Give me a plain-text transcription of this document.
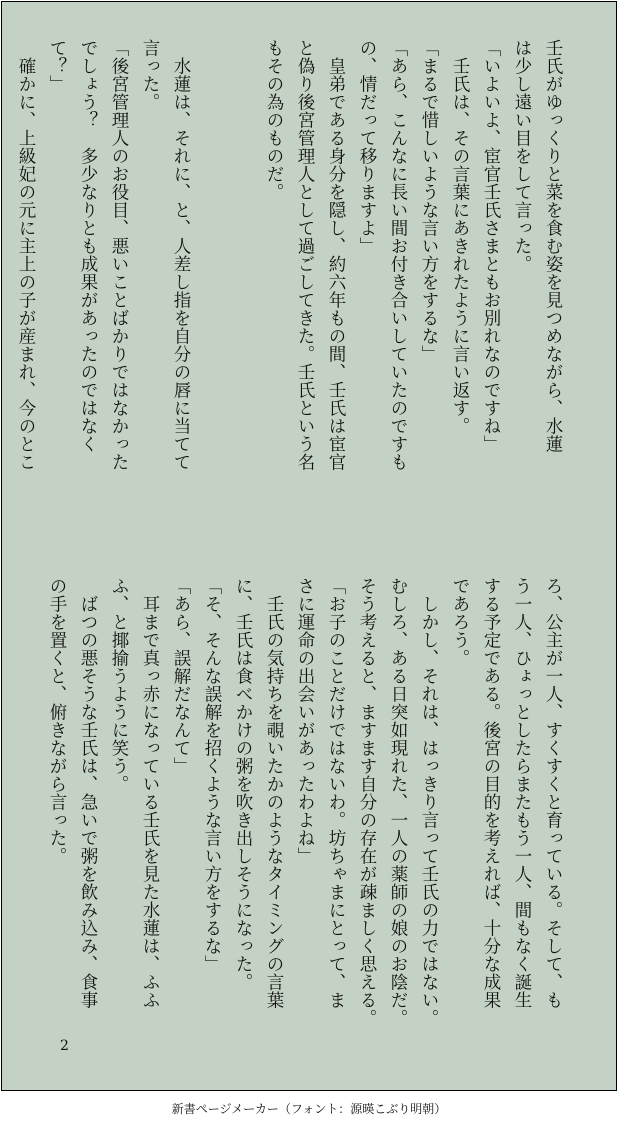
壬氏がゆっくりと菜を食む姿を見つめながら、水蓮
は少し遠い目をして言った。
「いよいよ、宦官壬氏さまともお別れなのですね」
　壬氏は、その言葉にあきれたように言い返す。
「まるで惜しいような言い方をするな」
「あら、こんなに長い間お付き合いしていたのですも
の、情だって移りますよ」
　皇弟である身分を隠し、約六年もの間、壬氏は宦官
と偽り後宮管理人として過ごしてきた。壬氏という名
もその為のものだ。

　水蓮は、それに、と、人差し指を自分の唇に当てて
言った。
「後宮管理人のお役目、悪いことばかりではなかった
でしょう？　多少なりとも成果があったのではなく
て？」
　確かに、上級妃の元に主上の子が産まれ、今のとこ
ろ、公主が一人、すくすくと育っている。そして、も
う一人、ひょっとしたらまたもう一人、間もなく誕生
する予定である。後宮の目的を考えれば、十分な成果
であろう。
　しかし、それは、はっきり言って壬氏の力ではない。
むしろ、ある日突如現れた、一人の薬師の娘のお陰だ。
そう考えると、ますます自分の存在が疎ましく思える。
「お子のことだけではないわ。坊ちゃまにとって、ま
さに運命の出会いがあったわよね」
　壬氏の気持ちを覗いたかのようなタイミングの言葉
に、壬氏は食べかけの粥を吹き出しそうになった。
「そ、そんな誤解を招くような言い方をするな」
「あら、誤解だなんて」
　耳まで真っ赤になっている壬氏を見た水蓮は、ふふ
ふ、と揶揄うように笑う。
　ばつの悪そうな壬氏は、急いで粥を飲み込み、食事
の手を置くと、俯きながら言った。
2
新書ページメーカー（フォント：源暎こぶり明朝）
